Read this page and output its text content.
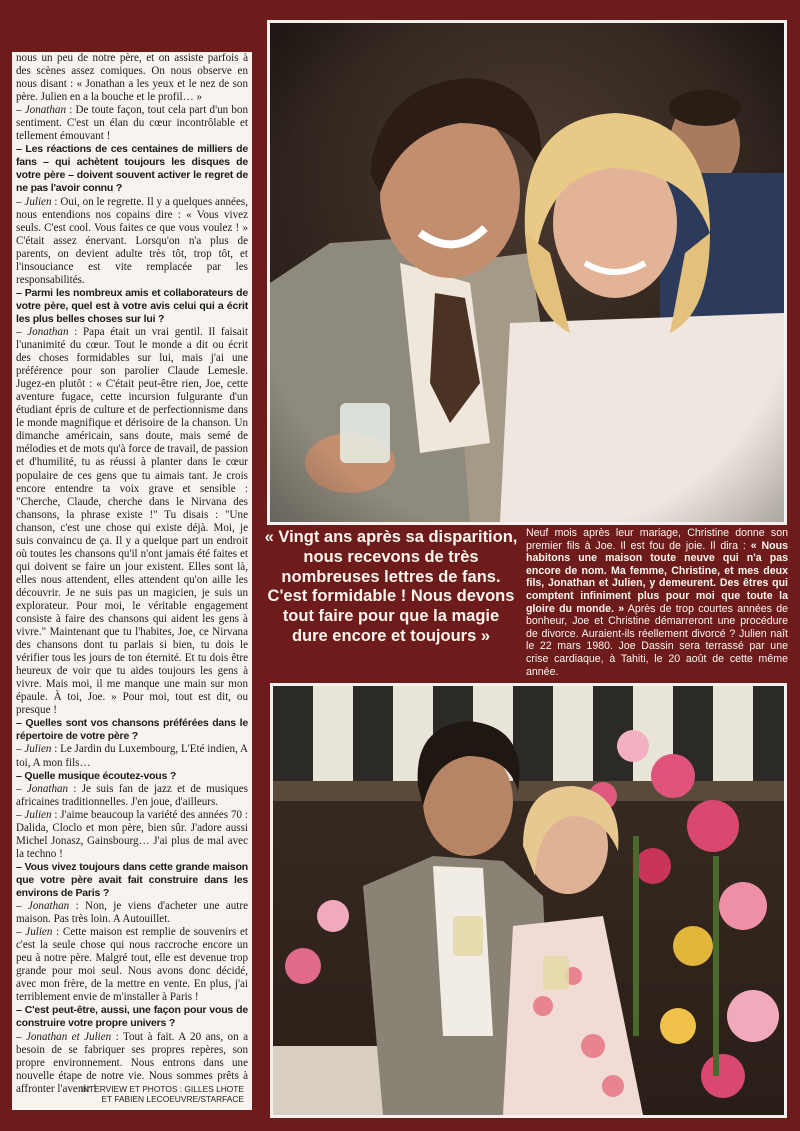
nous un peu de notre père, et on assiste parfois à des scènes assez comiques. On nous observe en nous disant : « Jonathan a les yeux et le nez de son père. Julien en a la bouche et le profil… »

– Jonathan : De toute façon, tout cela part d'un bon sentiment. C'est un élan du cœur incontrôlable et tellement émouvant !

– Les réactions de ces centaines de milliers de fans – qui achètent toujours les disques de votre père – doivent souvent activer le regret de ne pas l'avoir connu ?

– Julien : Oui, on le regrette. Il y a quelques années, nous entendions nos copains dire : « Vous vivez seuls. C'est cool. Vous faites ce que vous voulez ! » C'était assez énervant. Lorsqu'on n'a plus de parents, on devient adulte très tôt, trop tôt, et l'insouciance est vite remplacée par les responsabilités.

– Parmi les nombreux amis et collaborateurs de votre père, quel est à votre avis celui qui a écrit les plus belles choses sur lui ?

– Jonathan : Papa était un vrai gentil. Il faisait l'unanimité du cœur. Tout le monde a dit ou écrit des choses formidables sur lui, mais j'ai une préférence pour son parolier Claude Lemesle. Jugez-en plutôt : « C'était peut-être rien, Joe, cette aventure fugace, cette incursion fulgurante d'un étudiant épris de culture et de perfectionnisme dans le monde magnifique et dérisoire de la chanson. Un dimanche américain, sans doute, mais semé de mélodies et de mots qu'à force de travail, de passion et d'humilité, tu as réussi à planter dans le cœur populaire de ces gens que tu aimais tant. Je crois encore entendre ta voix grave et sensible : "Cherche, Claude, cherche dans le Nirvana des chansons, la phrase existe !" Tu disais : "Une chanson, c'est une chose qui existe déjà. Moi, je suis convaincu de ça. Il y a quelque part un endroit où toutes les chansons qu'il n'ont jamais été faites et qui doivent se faire un jour existent. Elles sont là, elles nous attendent, elles attendent qu'on aille les découvrir. Je ne suis pas un magicien, je suis un explorateur. Pour moi, le véritable engagement consiste à faire des chansons qui aident les gens à vivre." Maintenant que tu l'habites, Joe, ce Nirvana des chansons dont tu parlais si bien, tu dois le vérifier tous les jours de ton éternité. Et tu dois être heureux de voir que tu aides toujours les gens à vivre. Mais moi, il me manque une main sur mon épaule. À toi, Joe. » Pour moi, tout est dit, ou presque !

– Quelles sont vos chansons préférées dans le répertoire de votre père ?

– Julien : Le Jardin du Luxembourg, L'Eté indien, A toi, A mon fils…

– Quelle musique écoutez-vous ?

– Jonathan : Je suis fan de jazz et de musiques africaines traditionnelles. J'en joue, d'ailleurs.

– Julien : J'aime beaucoup la variété des années 70 : Dalida, Cloclo et mon père, bien sûr. J'adore aussi Michel Jonasz, Gainsbourg… J'ai plus de mal avec la techno !

– Vous vivez toujours dans cette grande maison que votre père avait fait construire dans les environs de Paris ?

– Jonathan : Non, je viens d'acheter une autre maison. Pas très loin. A Autouillet.

– Julien : Cette maison est remplie de souvenirs et c'est la seule chose qui nous raccroche encore un peu à notre père. Malgré tout, elle est devenue trop grande pour moi seul. Nous avons donc décidé, avec mon frère, de la mettre en vente. En plus, j'ai terriblement envie de m'installer à Paris !

– C'est peut-être, aussi, une façon pour vous de construire votre propre univers ?

– Jonathan et Julien : Tout à fait. A 20 ans, on a besoin de se fabriquer ses propres repères, son propre environnement. Nous entrons dans une nouvelle étape de notre vie. Nous sommes prêts à affronter l'avenir !

INTERVIEW ET PHOTOS : GILLES LHOTE
ET FABIEN LECOEUVRE/STARFACE
« Vingt ans après sa disparition, nous recevons de très nombreuses lettres de fans. C'est formidable ! Nous devons tout faire pour que la magie dure encore et toujours »
Neuf mois après leur mariage, Christine donne son premier fils à Joe. Il est fou de joie. Il dira : « Nous habitons une maison toute neuve qui n'a pas encore de nom. Ma femme, Christine, et mes deux fils, Jonathan et Julien, y demeurent. Des êtres qui comptent infiniment plus pour moi que toute la gloire du monde. » Après de trop courtes années de bonheur, Joe et Christine démarreront une procédure de divorce. Auraient-ils réellement divorcé ? Julien naît le 22 mars 1980. Joe Dassin sera terrassé par une crise cardiaque, à Tahiti, le 20 août de cette même année.
